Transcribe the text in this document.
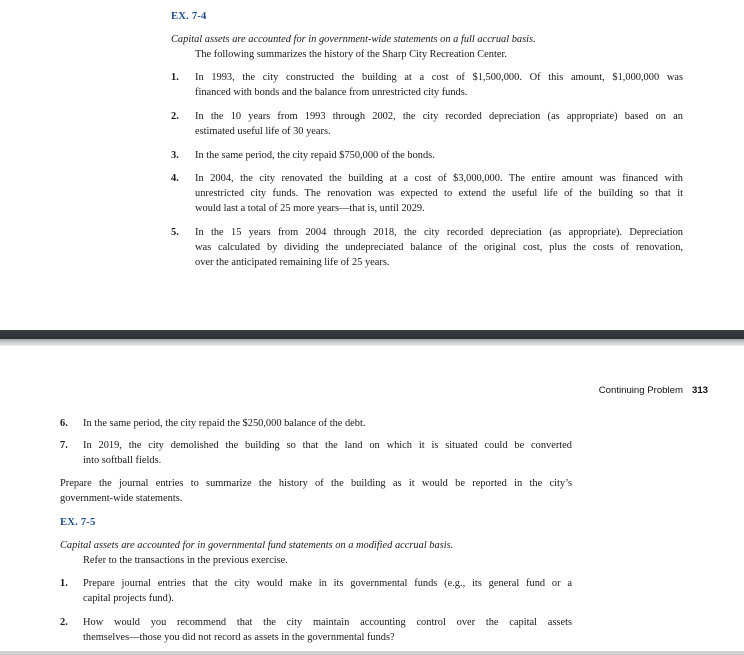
EX. 7-4
Capital assets are accounted for in government-wide statements on a full accrual basis.
The following summarizes the history of the Sharp City Recreation Center.
1. In 1993, the city constructed the building at a cost of $1,500,000. Of this amount, $1,000,000 was
financed with bonds and the balance from unrestricted city funds.
2. In the 10 years from 1993 through 2002, the city recorded depreciation (as appropriate) based on an
estimated useful life of 30 years.
3. In the same period, the city repaid $750,000 of the bonds.
4. In 2004, the city renovated the building at a cost of $3,000,000. The entire amount was financed with
unrestricted city funds. The renovation was expected to extend the useful life of the building so that it
would last a total of 25 more years—that is, until 2029.
5. In the 15 years from 2004 through 2018, the city recorded depreciation (as appropriate). Depreciation
was calculated by dividing the undepreciated balance of the original cost, plus the costs of renovation,
over the anticipated remaining life of 25 years.
Continuing Problem 313
6. In the same period, the city repaid the $250,000 balance of the debt.
7. In 2019, the city demolished the building so that the land on which it is situated could be converted
into softball fields.
Prepare the journal entries to summarize the history of the building as it would be reported in the city’s
government-wide statements.
EX. 7-5
Capital assets are accounted for in governmental fund statements on a modified accrual basis.
Refer to the transactions in the previous exercise.
1. Prepare journal entries that the city would make in its governmental funds (e.g., its general fund or a
capital projects fund).
2. How would you recommend that the city maintain accounting control over the capital assets
themselves—those you did not record as assets in the governmental funds?
